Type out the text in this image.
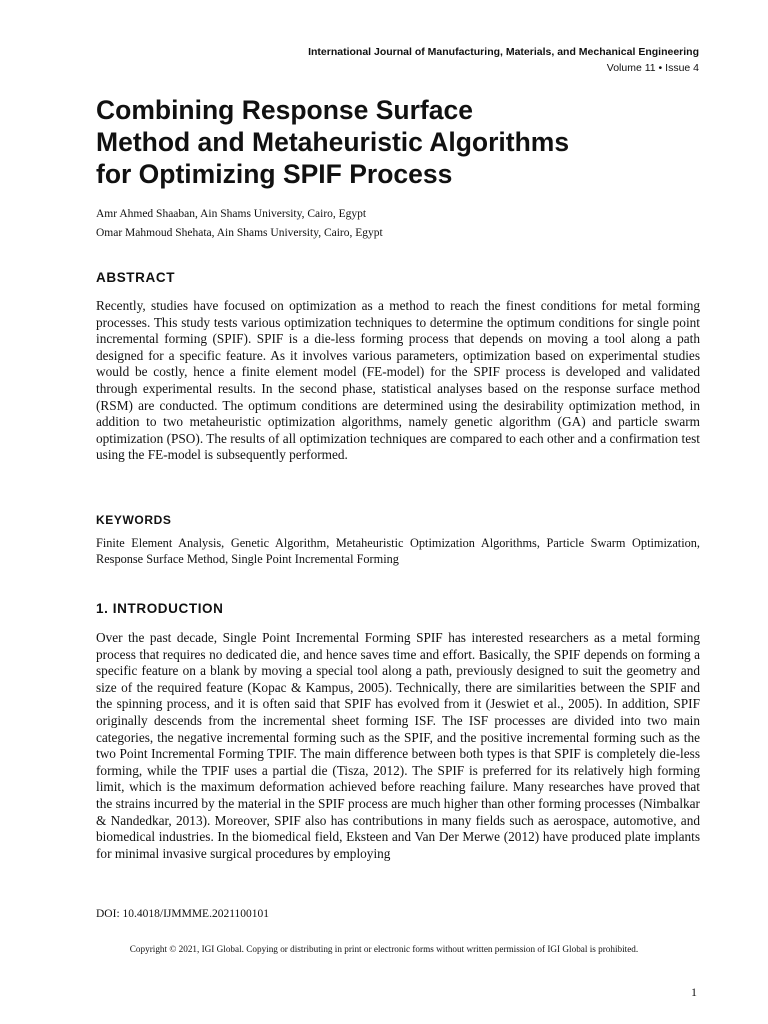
International Journal of Manufacturing, Materials, and Mechanical Engineering
Volume 11 • Issue 4
Combining Response Surface
Method and Metaheuristic Algorithms
for Optimizing SPIF Process
Amr Ahmed Shaaban, Ain Shams University, Cairo, Egypt
Omar Mahmoud Shehata, Ain Shams University, Cairo, Egypt
ABSTRACT

Recently, studies have focused on optimization as a method to reach the finest conditions for metal forming processes. This study tests various optimization techniques to determine the optimum conditions for single point incremental forming (SPIF). SPIF is a die-less forming process that depends on moving a tool along a path designed for a specific feature. As it involves various parameters, optimization based on experimental studies would be costly, hence a finite element model (FE-model) for the SPIF process is developed and validated through experimental results. In the second phase, statistical analyses based on the response surface method (RSM) are conducted. The optimum conditions are determined using the desirability optimization method, in addition to two metaheuristic optimization algorithms, namely genetic algorithm (GA) and particle swarm optimization (PSO). The results of all optimization techniques are compared to each other and a confirmation test using the FE-model is subsequently performed.

KEYWORDS

Finite Element Analysis, Genetic Algorithm, Metaheuristic Optimization Algorithms, Particle Swarm Optimization, Response Surface Method, Single Point Incremental Forming

1. INTRODUCTION

Over the past decade, Single Point Incremental Forming SPIF has interested researchers as a metal forming process that requires no dedicated die, and hence saves time and effort. Basically, the SPIF depends on forming a specific feature on a blank by moving a special tool along a path, previously designed to suit the geometry and size of the required feature (Kopac & Kampus, 2005). Technically, there are similarities between the SPIF and the spinning process, and it is often said that SPIF has evolved from it (Jeswiet et al., 2005). In addition, SPIF originally descends from the incremental sheet forming ISF. The ISF processes are divided into two main categories, the negative incremental forming such as the SPIF, and the positive incremental forming such as the two Point Incremental Forming TPIF. The main difference between both types is that SPIF is completely die-less forming, while the TPIF uses a partial die (Tisza, 2012). The SPIF is preferred for its relatively high forming limit, which is the maximum deformation achieved before reaching failure. Many researches have proved that the strains incurred by the material in the SPIF process are much higher than other forming processes (Nimbalkar & Nandedkar, 2013). Moreover, SPIF also has contributions in many fields such as aerospace, automotive, and biomedical industries. In the biomedical field, Eksteen and Van Der Merwe (2012) have produced plate implants for minimal invasive surgical procedures by employing

DOI: 10.4018/IJMMME.2021100101
Copyright © 2021, IGI Global. Copying or distributing in print or electronic forms without written permission of IGI Global is prohibited.
1
